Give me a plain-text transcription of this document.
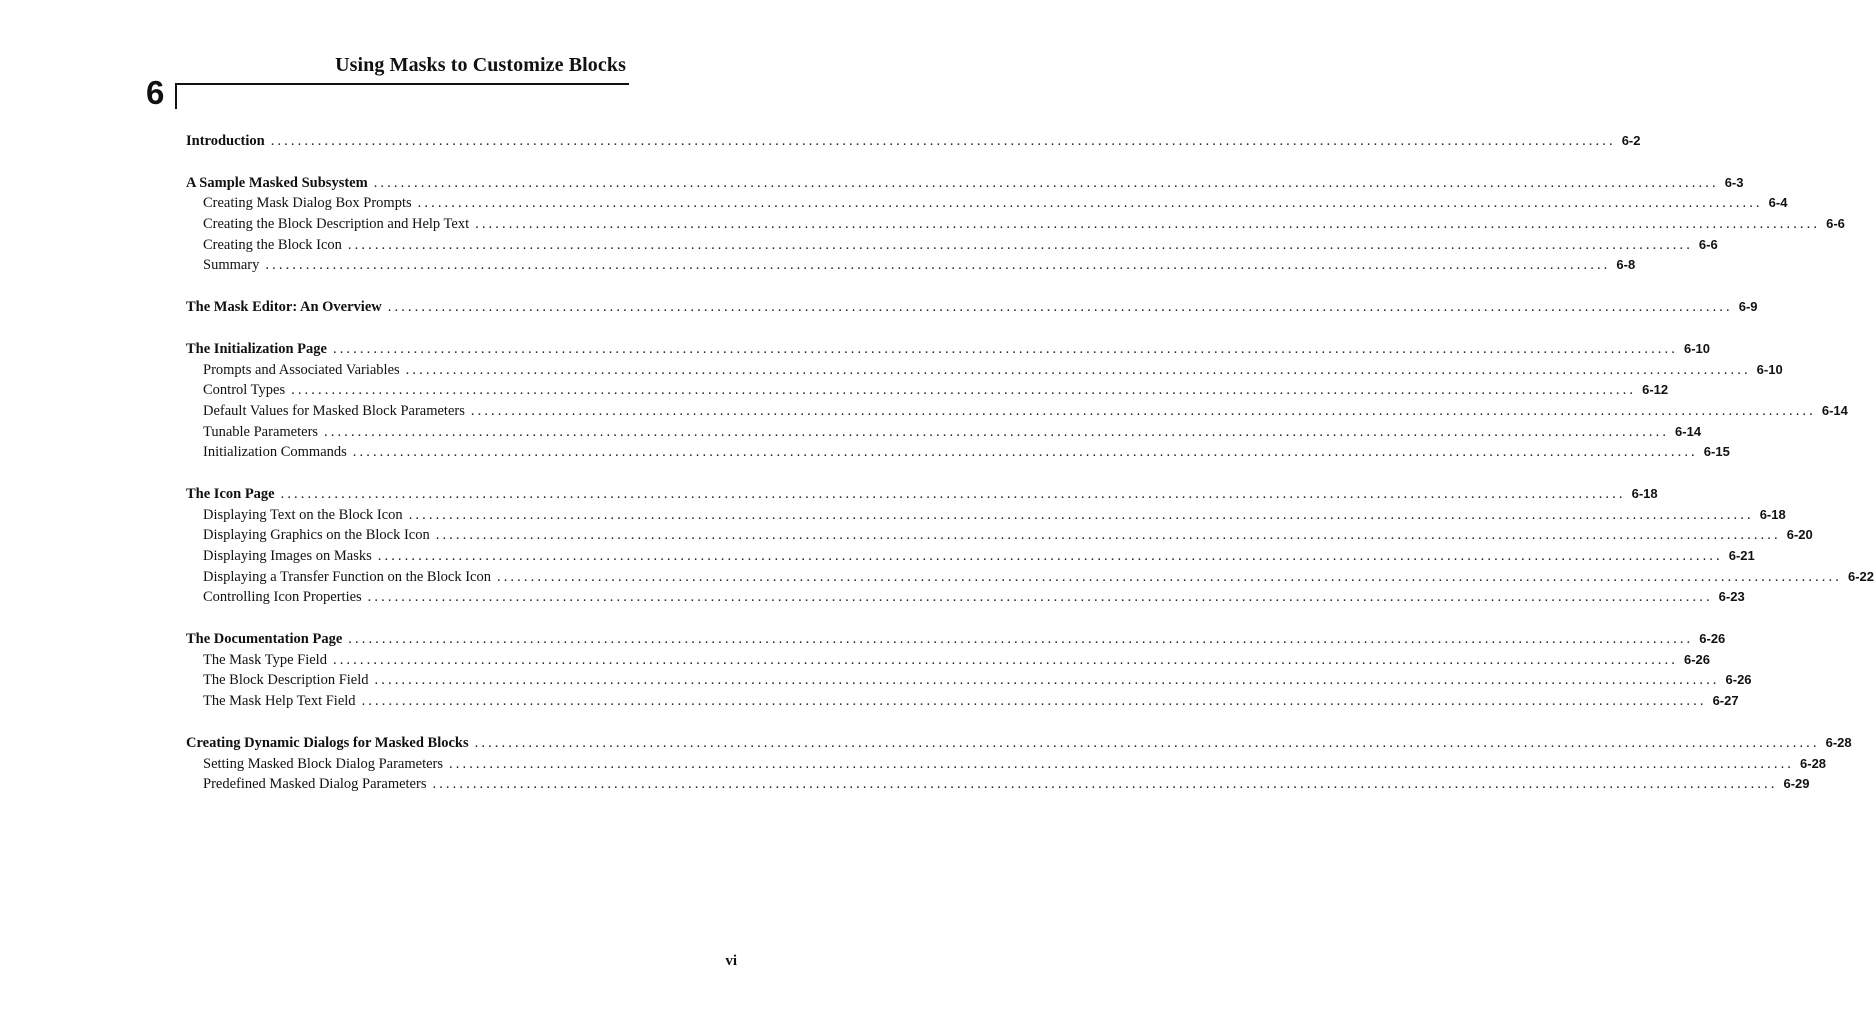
Using Masks to Customize Blocks
6
Introduction ........................................................................................................................................................................................................ 6-2
A Sample Masked Subsystem ........................................................................................................................................................................................................ 6-3
Creating Mask Dialog Box Prompts ........................................................................................................................................................................................................ 6-4
Creating the Block Description and Help Text ........................................................................................................................................................................................................ 6-6
Creating the Block Icon ........................................................................................................................................................................................................ 6-6
Summary ........................................................................................................................................................................................................ 6-8
The Mask Editor: An Overview ........................................................................................................................................................................................................ 6-9
The Initialization Page ........................................................................................................................................................................................................ 6-10
Prompts and Associated Variables ........................................................................................................................................................................................................ 6-10
Control Types ........................................................................................................................................................................................................ 6-12
Default Values for Masked Block Parameters ........................................................................................................................................................................................................ 6-14
Tunable Parameters ........................................................................................................................................................................................................ 6-14
Initialization Commands ........................................................................................................................................................................................................ 6-15
The Icon Page ........................................................................................................................................................................................................ 6-18
Displaying Text on the Block Icon ........................................................................................................................................................................................................ 6-18
Displaying Graphics on the Block Icon ........................................................................................................................................................................................................ 6-20
Displaying Images on Masks ........................................................................................................................................................................................................ 6-21
Displaying a Transfer Function on the Block Icon ........................................................................................................................................................................................................ 6-22
Controlling Icon Properties ........................................................................................................................................................................................................ 6-23
The Documentation Page ........................................................................................................................................................................................................ 6-26
The Mask Type Field ........................................................................................................................................................................................................ 6-26
The Block Description Field ........................................................................................................................................................................................................ 6-26
The Mask Help Text Field ........................................................................................................................................................................................................ 6-27
Creating Dynamic Dialogs for Masked Blocks ........................................................................................................................................................................................................ 6-28
Setting Masked Block Dialog Parameters ........................................................................................................................................................................................................ 6-28
Predefined Masked Dialog Parameters ........................................................................................................................................................................................................ 6-29
vi
